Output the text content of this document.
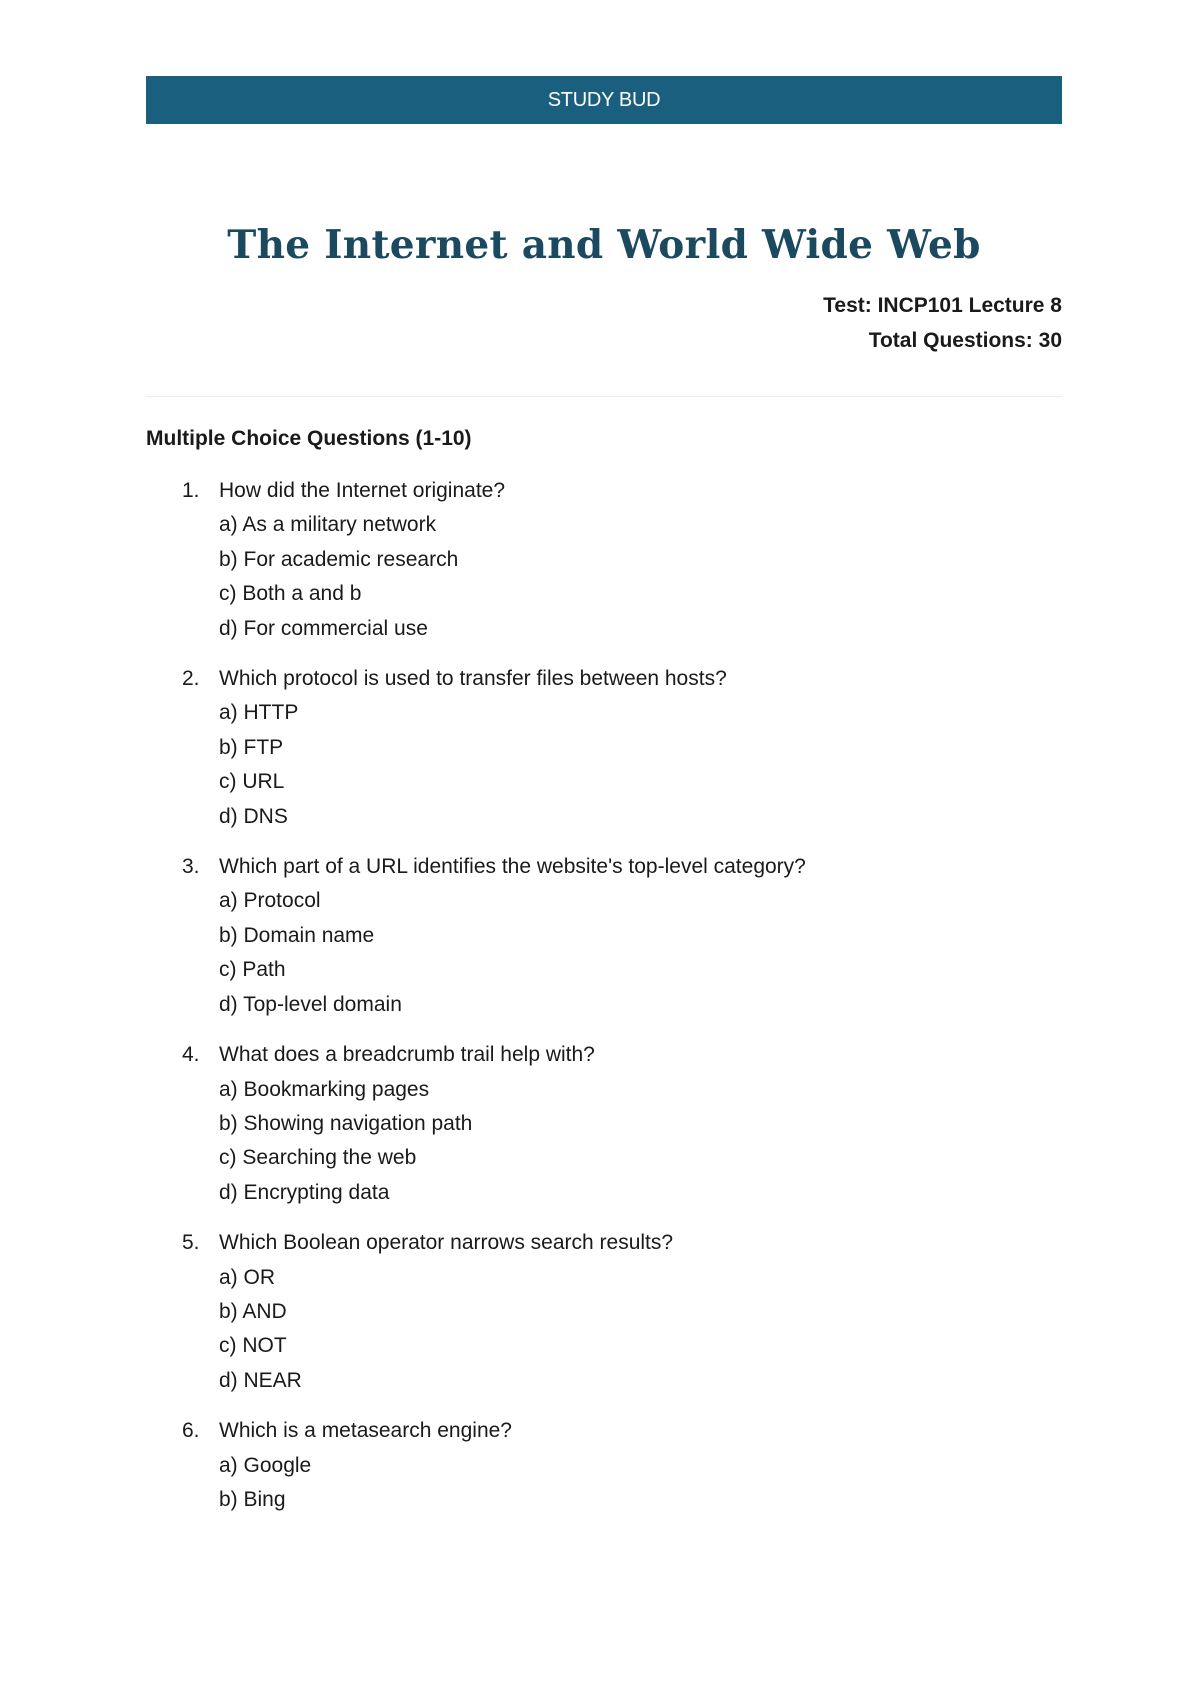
STUDY BUD
The Internet and World Wide Web
Test: INCP101 Lecture 8
Total Questions: 30
Multiple Choice Questions (1-10)
1. How did the Internet originate?
a) As a military network
b) For academic research
c) Both a and b
d) For commercial use
2. Which protocol is used to transfer files between hosts?
a) HTTP
b) FTP
c) URL
d) DNS
3. Which part of a URL identifies the website's top-level category?
a) Protocol
b) Domain name
c) Path
d) Top-level domain
4. What does a breadcrumb trail help with?
a) Bookmarking pages
b) Showing navigation path
c) Searching the web
d) Encrypting data
5. Which Boolean operator narrows search results?
a) OR
b) AND
c) NOT
d) NEAR
6. Which is a metasearch engine?
a) Google
b) Bing
